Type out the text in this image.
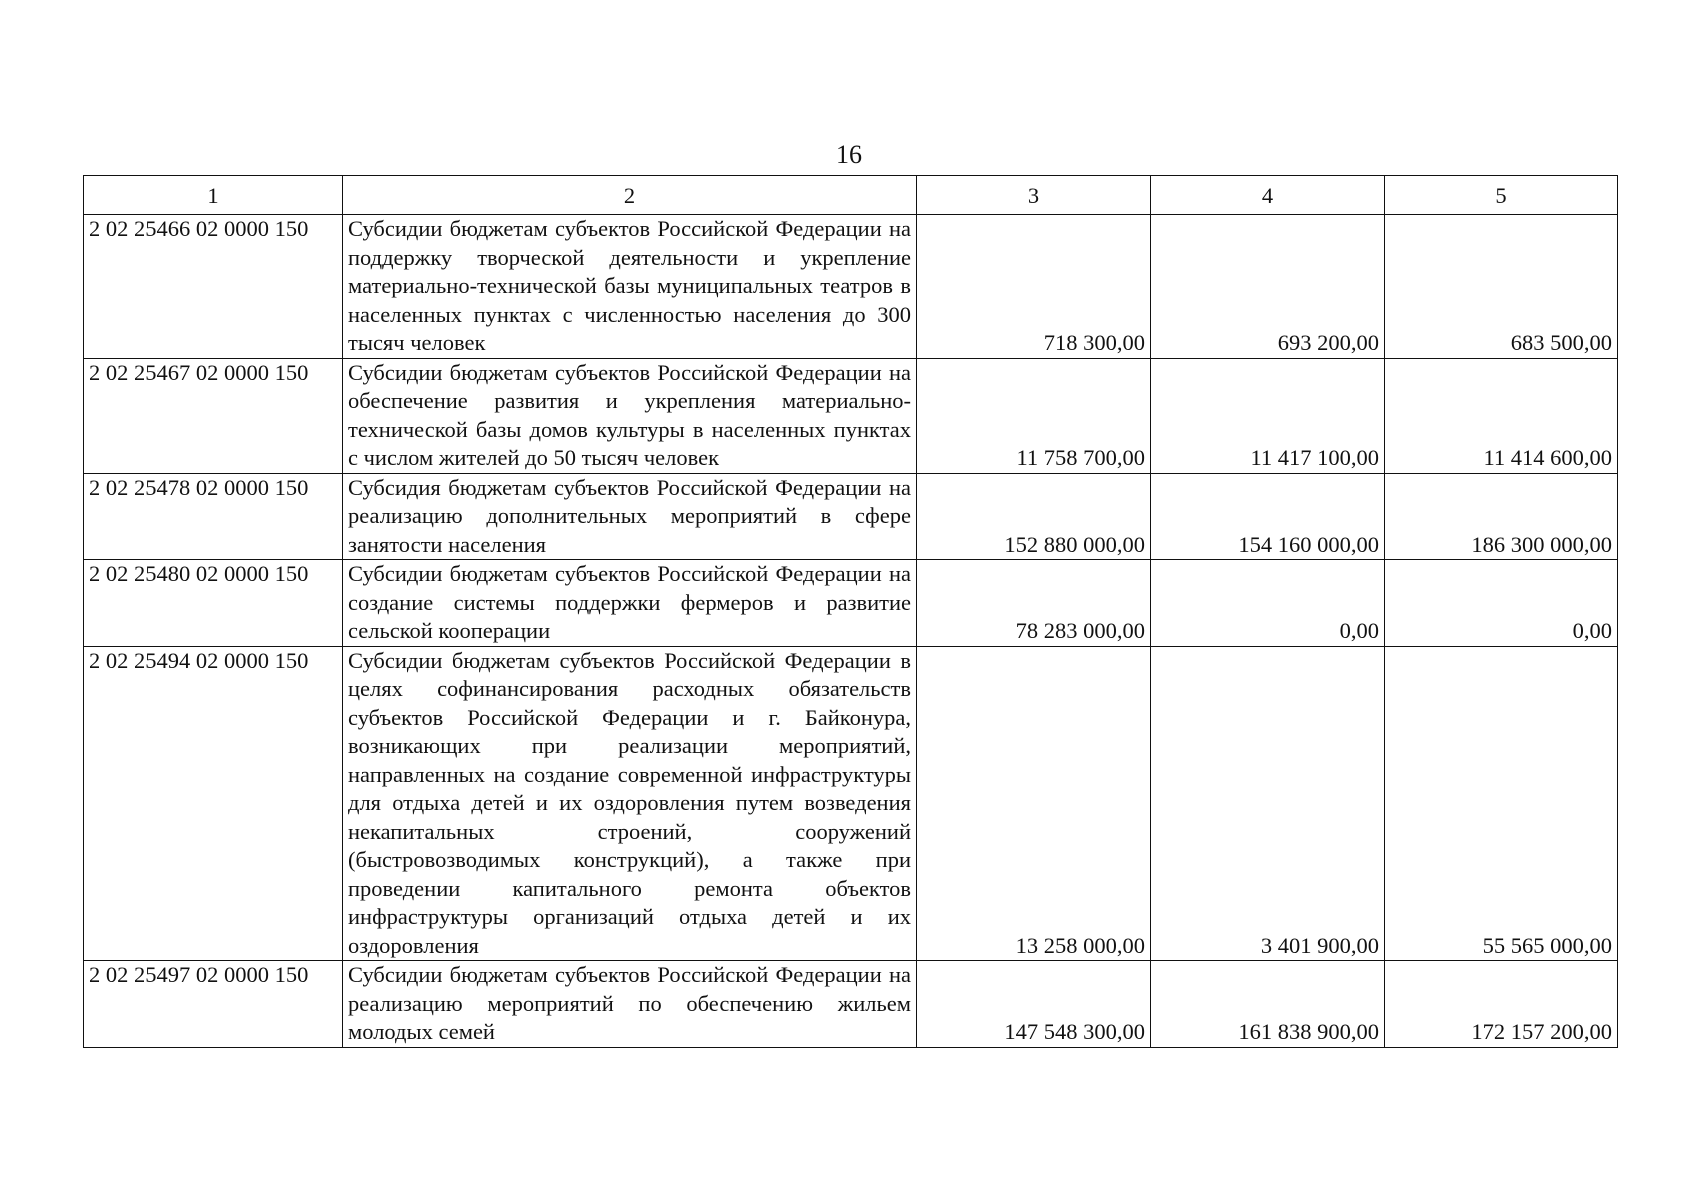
16
1	2	3	4	5
2 02 25466 02 0000 150	Субсидии бюджетам субъектов Российской Федерации на поддержку творческой деятельности и укрепление материально-технической базы муниципальных театров в населенных пунктах с численностью населения до 300 тысяч человек	718 300,00	693 200,00	683 500,00
2 02 25467 02 0000 150	Субсидии бюджетам субъектов Российской Федерации на обеспечение развития и укрепления материально-технической базы домов культуры в населенных пунктах с числом жителей до 50 тысяч человек	11 758 700,00	11 417 100,00	11 414 600,00
2 02 25478 02 0000 150	Субсидия бюджетам субъектов Российской Федерации на реализацию дополнительных мероприятий в сфере занятости населения	152 880 000,00	154 160 000,00	186 300 000,00
2 02 25480 02 0000 150	Субсидии бюджетам субъектов Российской Федерации на создание системы поддержки фермеров и развитие сельской кооперации	78 283 000,00	0,00	0,00
2 02 25494 02 0000 150	Субсидии бюджетам субъектов Российской Федерации в целях софинансирования расходных обязательств субъектов Российской Федерации и г. Байконура, возникающих при реализации мероприятий, направленных на создание современной инфраструктуры для отдыха детей и их оздоровления путем возведения некапитальных строений, сооружений (быстровозводимых конструкций), а также при проведении капитального ремонта объектов инфраструктуры организаций отдыха детей и их оздоровления	13 258 000,00	3 401 900,00	55 565 000,00
2 02 25497 02 0000 150	Субсидии бюджетам субъектов Российской Федерации на реализацию мероприятий по обеспечению жильем молодых семей	147 548 300,00	161 838 900,00	172 157 200,00
